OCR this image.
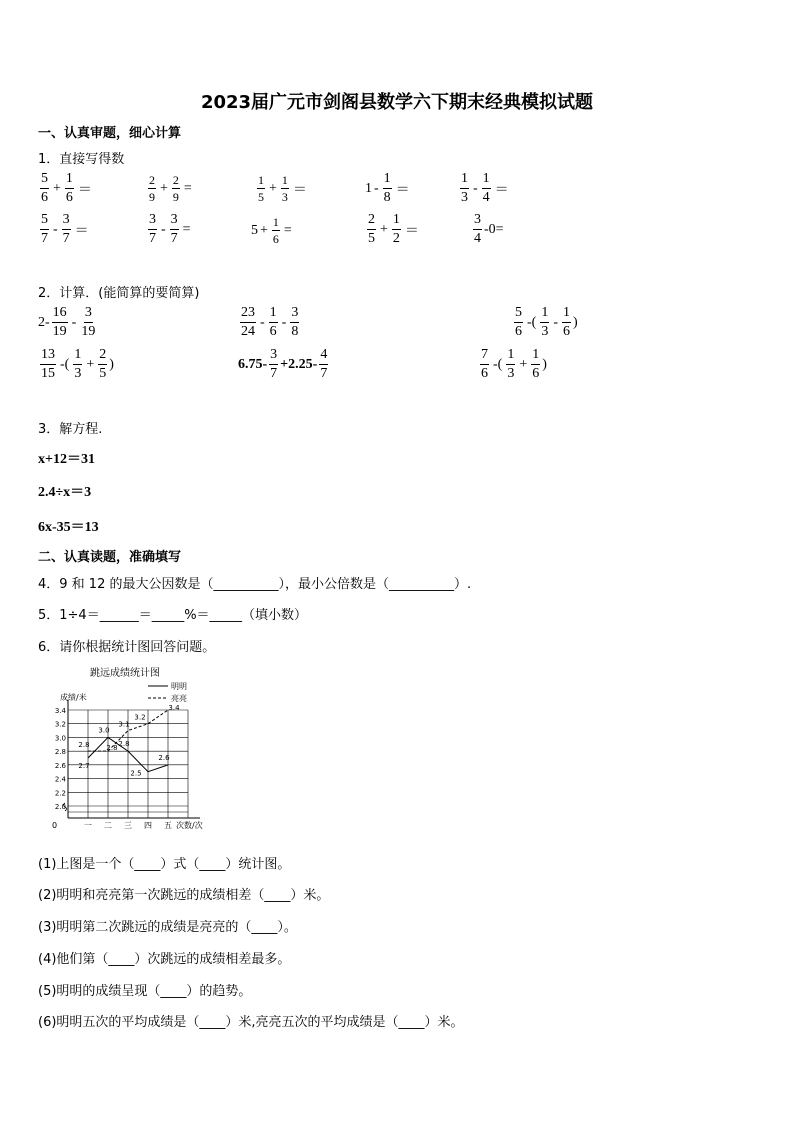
2023届广元市剑阁县数学六下期末经典模拟试题
一、认真审题，细心计算
1．直接写得数
$\frac{5}{6} + \frac{1}{6}$ ＝	$\frac{2}{9} + \frac{2}{9}$ =	$\frac{1}{5} + \frac{1}{3}$ ＝	$1 - \frac{1}{8}$ ＝	$\frac{1}{3} - \frac{1}{4}$ ＝
$\frac{5}{7} - \frac{3}{7}$ ＝	$\frac{3}{7} - \frac{3}{7}$ =	$5 + \frac{1}{6}$ =	$\frac{2}{5} + \frac{1}{2}$ ＝	$\frac{3}{4} -0=$
2．计算．(能简算的要简算)
$2- \frac{16}{19} - \frac{3}{19}$	$\frac{23}{24} - \frac{1}{6} - \frac{3}{8}$	$\frac{5}{6}$ -( $\frac{1}{3} - \frac{1}{6}$ )
$\frac{13}{15}$ -( $\frac{1}{3} + \frac{2}{5}$ )	$6.75- \frac{3}{7} +2.25- \frac{4}{7}$	$\frac{7}{6}$ -( $\frac{1}{3} + \frac{1}{6}$ )
3．解方程.
x+12＝31
2.4÷x＝3
6x-35＝13
二、认真读题，准确填写
4．9 和 12 的最大公因数是（__________），最小公倍数是（__________）.
5．1÷4＝______＝_____%＝_____（填小数）
6．请你根据统计图回答问题。
跳远成绩统计图
成绩/米
次数/次
0
2.0
2.2
2.4
2.6
2.8
3.0
3.2
3.4
一 二 三 四 五
2.7
3.0
2.8
2.5
2.6
2.8 2.8
3.1
3.2
3.4
明明
亮亮
(1)上图是一个（____）式（____）统计图。
(2)明明和亮亮第一次跳远的成绩相差（____）米。
(3)明明第二次跳远的成绩是亮亮的（____）。
(4)他们第（____）次跳远的成绩相差最多。
(5)明明的成绩呈现（____）的趋势。
(6)明明五次的平均成绩是（____）米,亮亮五次的平均成绩是（____）米。
